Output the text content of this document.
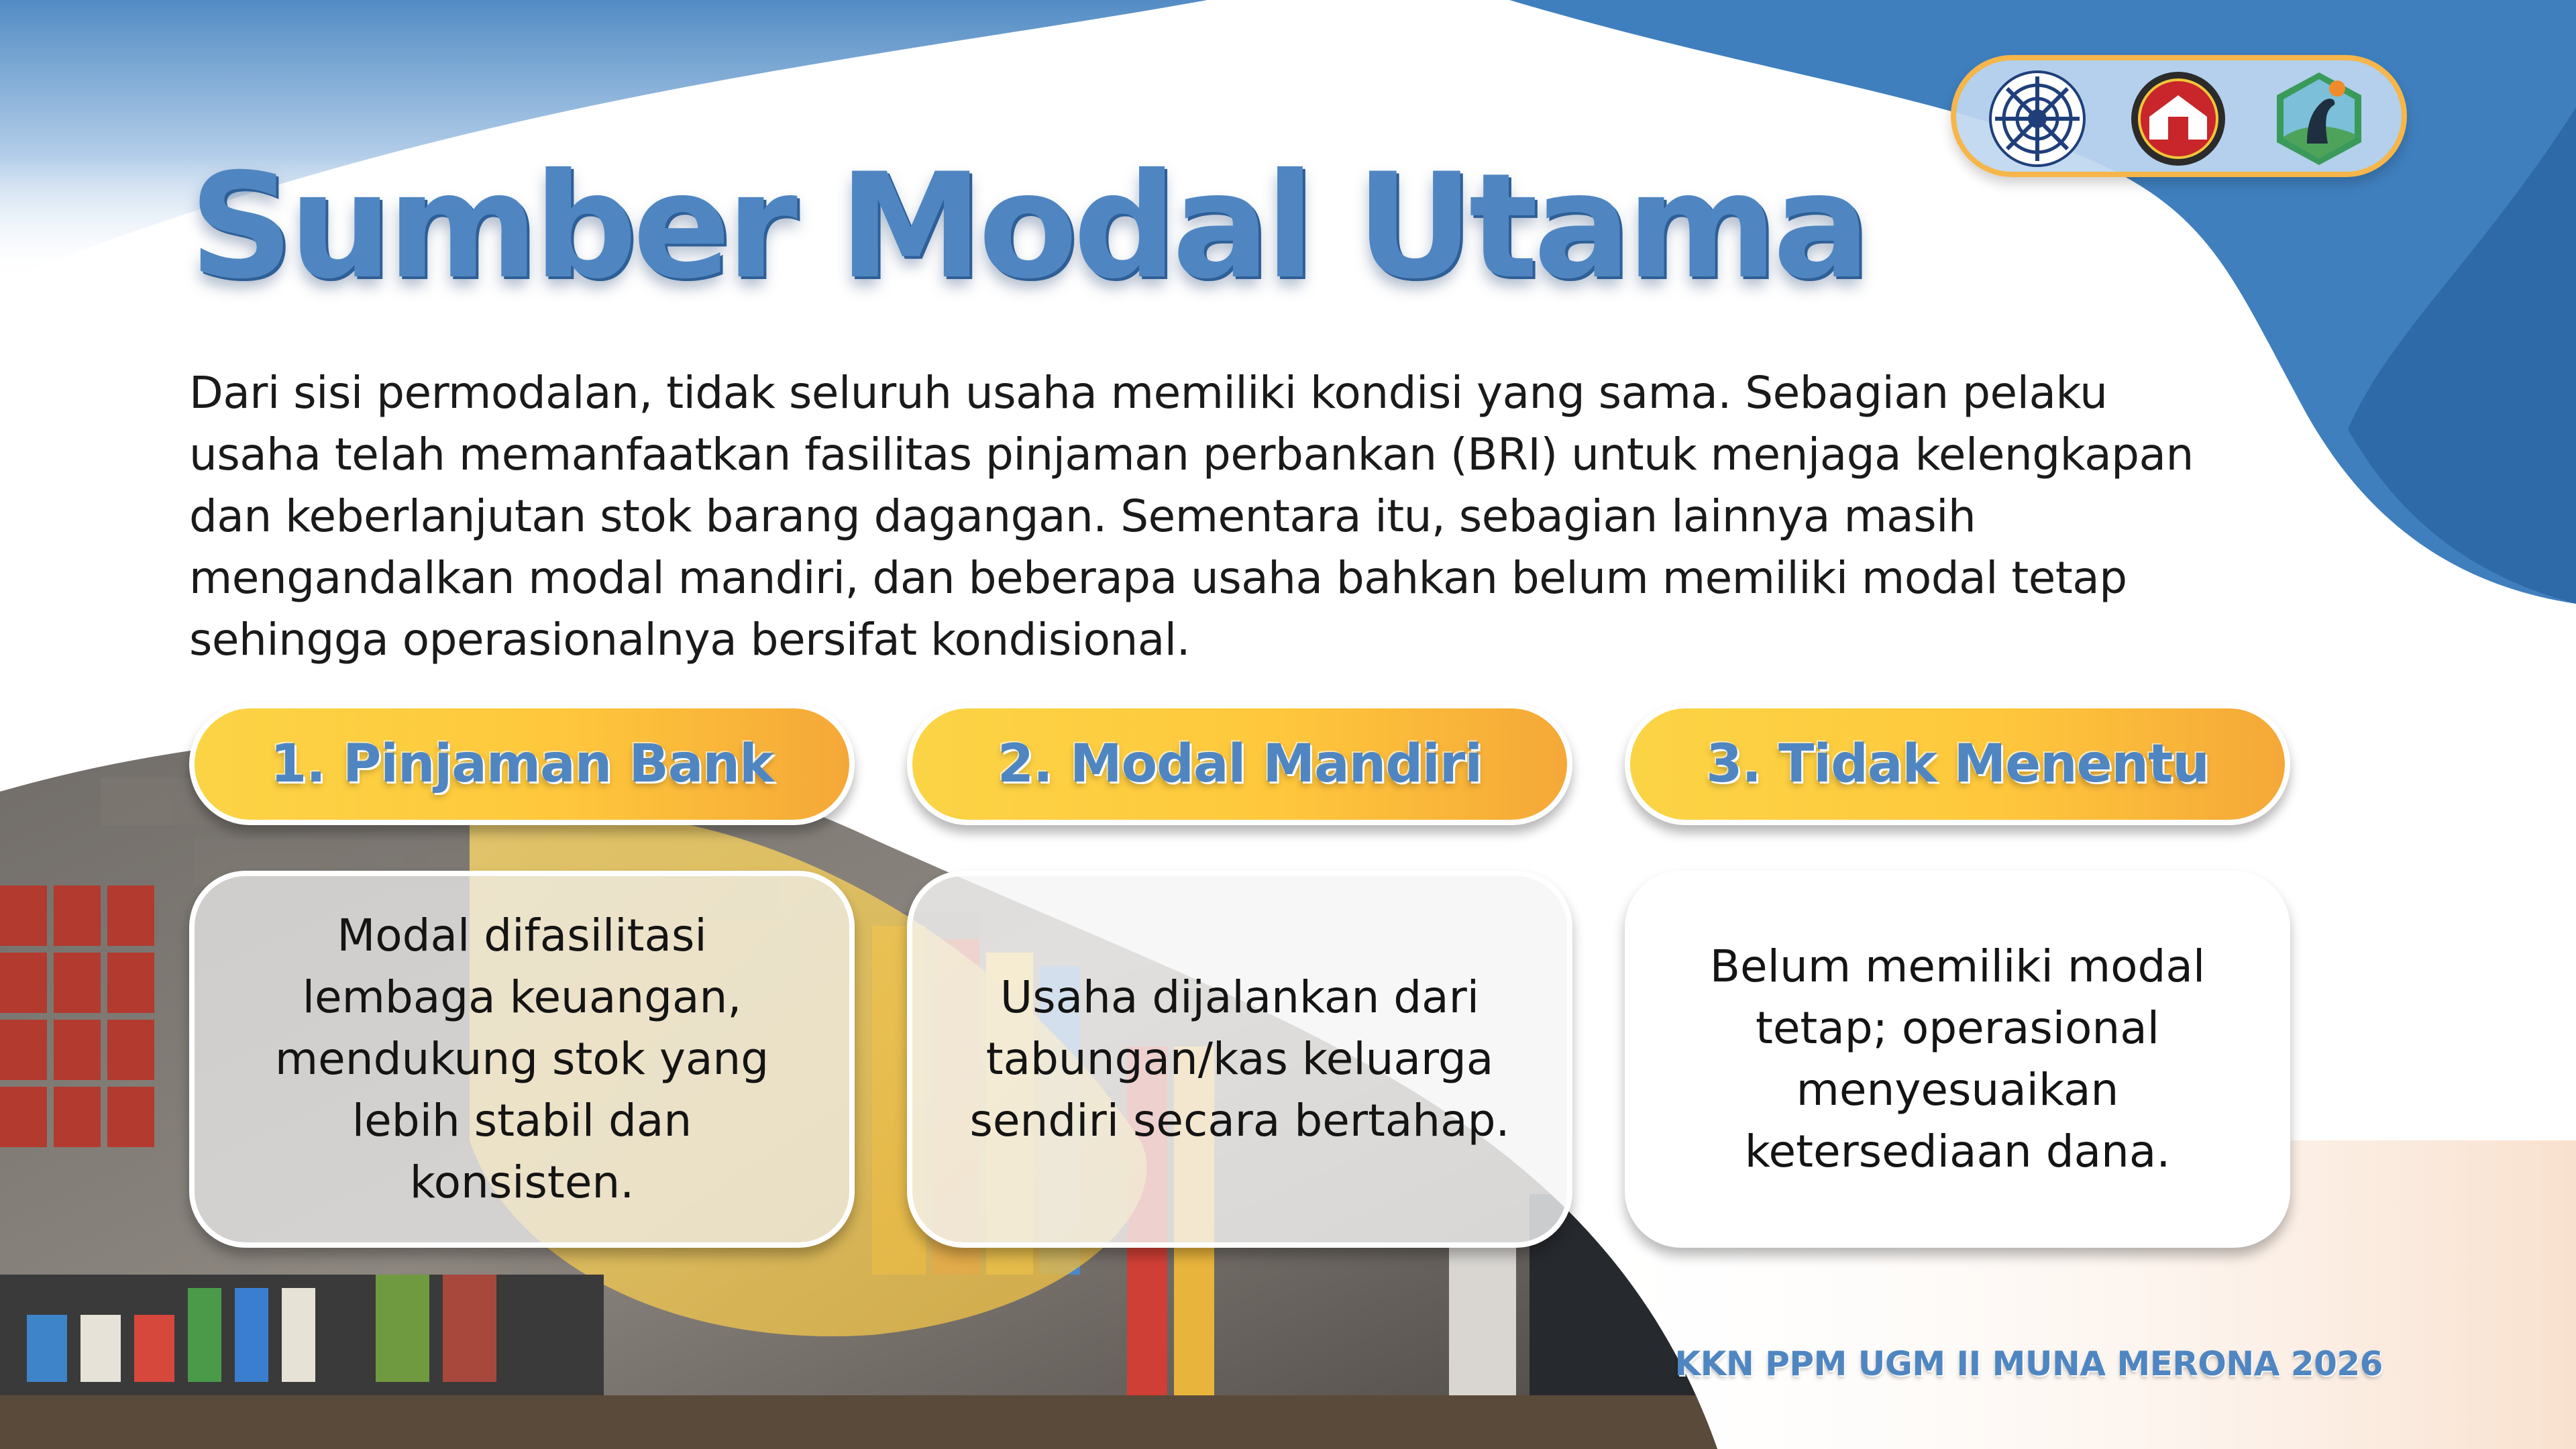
Sumber Modal Utama

Dari sisi permodalan, tidak seluruh usaha memiliki kondisi yang sama. Sebagian pelaku usaha telah memanfaatkan fasilitas pinjaman perbankan (BRI) untuk menjaga kelengkapan dan keberlanjutan stok barang dagangan. Sementara itu, sebagian lainnya masih mengandalkan modal mandiri, dan beberapa usaha bahkan belum memiliki modal tetap sehingga operasionalnya bersifat kondisional.

1. Pinjaman Bank	2. Modal Mandiri	3. Tidak Menentu

Modal difasilitasi lembaga keuangan, mendukung stok yang lebih stabil dan konsisten.

Usaha dijalankan dari tabungan/kas keluarga sendiri secara bertahap.

Belum memiliki modal tetap; operasional menyesuaikan ketersediaan dana.

KKN PPM UGM II MUNA MERONA 2026
